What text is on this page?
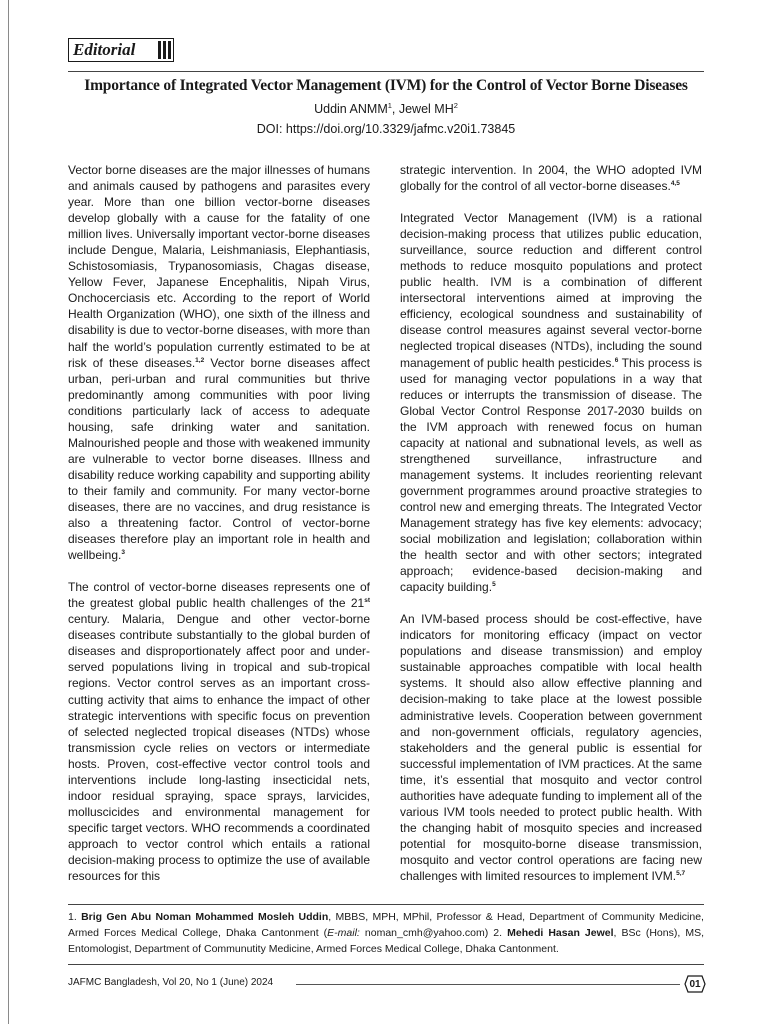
Editorial
Importance of Integrated Vector Management (IVM) for the Control of Vector Borne Diseases
Uddin ANMM$^1$, Jewel $MH^2$
DOI: https://doi.org/10.3329/jafmc.v20i1.73845

Vector borne diseases are the major illnesses of humans and animals caused by pathogens and parasites every year. More than one billion vector-borne diseases develop globally with a cause for the fatality of one million lives. Universally important vector-borne diseases include Dengue, Malaria, Leishmaniasis, Elephantiasis, Schistosomiasis, Trypanosomiasis, Chagas disease, Yellow Fever, Japanese Encephalitis, Nipah Virus, Onchocerciasis etc. According to the report of World Health Organization (WHO), one sixth of the illness and disability is due to vector-borne diseases, with more than half the world’s population currently estimated to be at risk of these diseases.$^{1,2}$ Vector borne diseases affect urban, peri-urban and rural communities but thrive predominantly among communities with poor living conditions particularly lack of access to adequate housing, safe drinking water and sanitation. Malnourished people and those with weakened immunity are vulnerable to vector borne diseases. Illness and disability reduce working capability and supporting ability to their family and community. For many vector-borne diseases, there are no vaccines, and drug resistance is also a threatening factor. Control of vector-borne diseases therefore play an important role in health and wellbeing.$^3$

The control of vector-borne diseases represents one of the greatest global public health challenges of the 21st century. Malaria, Dengue and other vector-borne diseases contribute substantially to the global burden of diseases and disproportionately affect poor and under-served populations living in tropical and sub-tropical regions. Vector control serves as an important cross-cutting activity that aims to enhance the impact of other strategic interventions with specific focus on prevention of selected neglected tropical diseases (NTDs) whose transmission cycle relies on vectors or intermediate hosts. Proven, cost-effective vector control tools and interventions include long-lasting insecticidal nets, indoor residual spraying, space sprays, larvicides, molluscicides and environmental management for specific target vectors. WHO recommends a coordinated approach to vector control which entails a rational decision-making process to optimize the use of available resources for this

strategic intervention. In 2004, the WHO adopted IVM globally for the control of all vector-borne diseases.$^{4,5}$

Integrated Vector Management (IVM) is a rational decision-making process that utilizes public education, surveillance, source reduction and different control methods to reduce mosquito populations and protect public health. IVM is a combination of different intersectoral interventions aimed at improving the efficiency, ecological soundness and sustainability of disease control measures against several vector-borne neglected tropical diseases (NTDs), including the sound management of public health pesticides.$^6$ This process is used for managing vector populations in a way that reduces or interrupts the transmission of disease. The Global Vector Control Response 2017-2030 builds on the IVM approach with renewed focus on human capacity at national and subnational levels, as well as strengthened surveillance, infrastructure and management systems. It includes reorienting relevant government programmes around proactive strategies to control new and emerging threats. The Integrated Vector Management strategy has five key elements: advocacy; social mobilization and legislation; collaboration within the health sector and with other sectors; integrated approach; evidence-based decision-making and capacity building.$^5$

An IVM-based process should be cost-effective, have indicators for monitoring efficacy (impact on vector populations and disease transmission) and employ sustainable approaches compatible with local health systems. It should also allow effective planning and decision-making to take place at the lowest possible administrative levels. Cooperation between government and non-government officials, regulatory agencies, stakeholders and the general public is essential for successful implementation of IVM practices. At the same time, it’s essential that mosquito and vector control authorities have adequate funding to implement all of the various IVM tools needed to protect public health. With the changing habit of mosquito species and increased potential for mosquito-borne disease transmission, mosquito and vector control operations are facing new challenges with limited resources to implement IVM.$^{5,7}$

1. Brig Gen Abu Noman Mohammed Mosleh Uddin, MBBS, MPH, MPhil, Professor & Head, Department of Community Medicine, Armed Forces Medical College, Dhaka Cantonment (E-mail: noman_cmh@yahoo.com) 2. Mehedi Hasan Jewel, BSc (Hons), MS, Entomologist, Department of Communutity Medicine, Armed Forces Medical College, Dhaka Cantonment.
JAFMC Bangladesh, Vol 20, No 1 (June) 2024	01
